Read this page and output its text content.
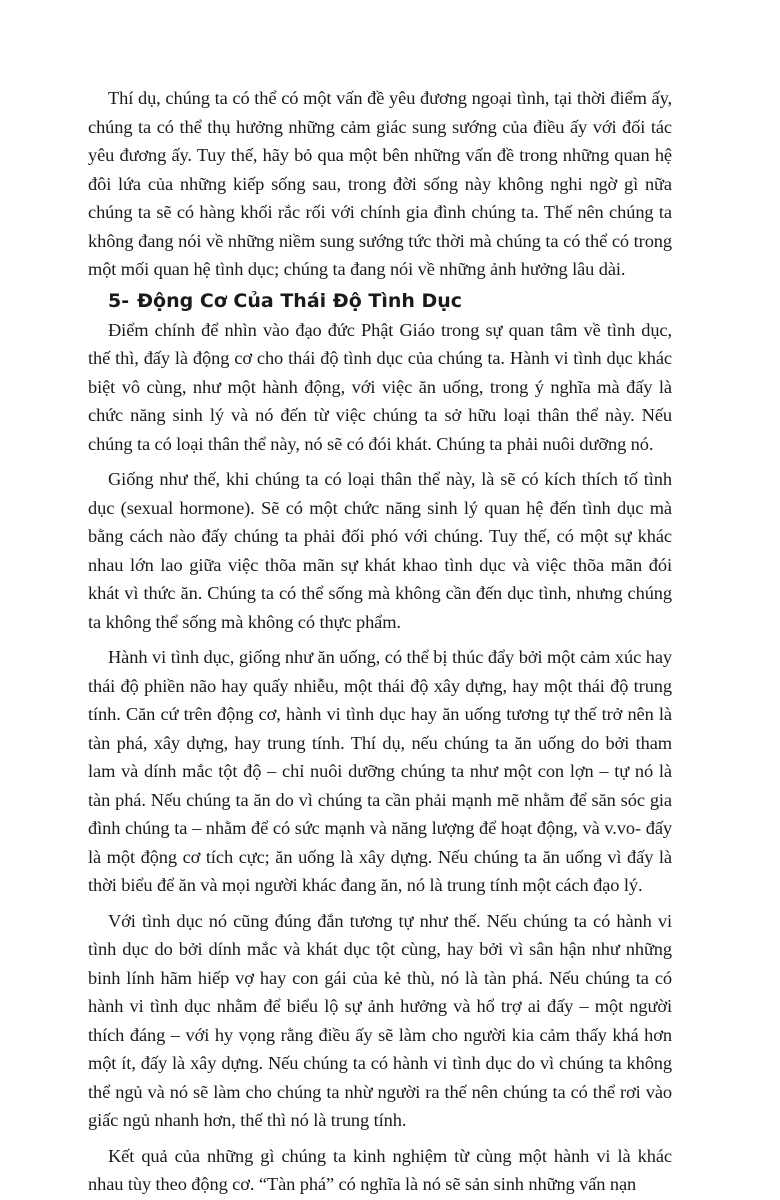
Thí dụ, chúng ta có thể có một vấn đề yêu đương ngoại tình, tại thời điểm ấy, chúng ta có thể thụ hưởng những cảm giác sung sướng của điều ấy với đối tác yêu đương ấy. Tuy thế, hãy bỏ qua một bên những vấn đề trong những quan hệ đôi lứa của những kiếp sống sau, trong đời sống này không nghi ngờ gì nữa chúng ta sẽ có hàng khối rắc rối với chính gia đình chúng ta. Thế nên chúng ta không đang nói về những niềm sung sướng tức thời mà chúng ta có thể có trong một mối quan hệ tình dục; chúng ta đang nói về những ảnh hưởng lâu dài.

5- Động Cơ Của Thái Độ Tình Dục

Điểm chính để nhìn vào đạo đức Phật Giáo trong sự quan tâm về tình dục, thế thì, đấy là động cơ cho thái độ tình dục của chúng ta. Hành vi tình dục khác biệt vô cùng, như một hành động, với việc ăn uống, trong ý nghĩa mà đấy là chức năng sinh lý và nó đến từ việc chúng ta sở hữu loại thân thể này. Nếu chúng ta có loại thân thể này, nó sẽ có đói khát. Chúng ta phải nuôi dưỡng nó.

Giống như thế, khi chúng ta có loại thân thể này, là sẽ có kích thích tố tình dục (sexual hormone). Sẽ có một chức năng sinh lý quan hệ đến tình dục mà bằng cách nào đấy chúng ta phải đối phó với chúng. Tuy thế, có một sự khác nhau lớn lao giữa việc thõa mãn sự khát khao tình dục và việc thõa mãn đói khát vì thức ăn. Chúng ta có thể sống mà không cần đến dục tình, nhưng chúng ta không thể sống mà không có thực phẩm.

Hành vi tình dục, giống như ăn uống, có thể bị thúc đẩy bởi một cảm xúc hay thái độ phiền não hay quấy nhiễu, một thái độ xây dựng, hay một thái độ trung tính. Căn cứ trên động cơ, hành vi tình dục hay ăn uống tương tự thế trở nên là tàn phá, xây dựng, hay trung tính. Thí dụ, nếu chúng ta ăn uống do bởi tham lam và dính mắc tột độ – chỉ nuôi dưỡng chúng ta như một con lợn – tự nó là tàn phá. Nếu chúng ta ăn do vì chúng ta cần phải mạnh mẽ nhằm để săn sóc gia đình chúng ta – nhằm để có sức mạnh và năng lượng để hoạt động, và v.vo- đấy là một động cơ tích cực; ăn uống là xây dựng. Nếu chúng ta ăn uống vì đấy là thời biểu để ăn và mọi người khác đang ăn, nó là trung tính một cách đạo lý.

Với tình dục nó cũng đúng đắn tương tự như thế. Nếu chúng ta có hành vi tình dục do bởi dính mắc và khát dục tột cùng, hay bởi vì sân hận như những binh lính hãm hiếp vợ hay con gái của kẻ thù, nó là tàn phá. Nếu chúng ta có hành vi tình dục nhằm để biểu lộ sự ảnh hưởng và hổ trợ ai đấy – một người thích đáng – với hy vọng rằng điều ấy sẽ làm cho người kia cảm thấy khá hơn một ít, đấy là xây dựng. Nếu chúng ta có hành vi tình dục do vì chúng ta không thể ngủ và nó sẽ làm cho chúng ta nhừ người ra thế nên chúng ta có thể rơi vào giấc ngủ nhanh hơn, thế thì nó là trung tính.

Kết quả của những gì chúng ta kinh nghiệm từ cùng một hành vi là khác nhau tùy theo động cơ. “Tàn phá” có nghĩa là nó sẽ sản sinh những vấn nạn
